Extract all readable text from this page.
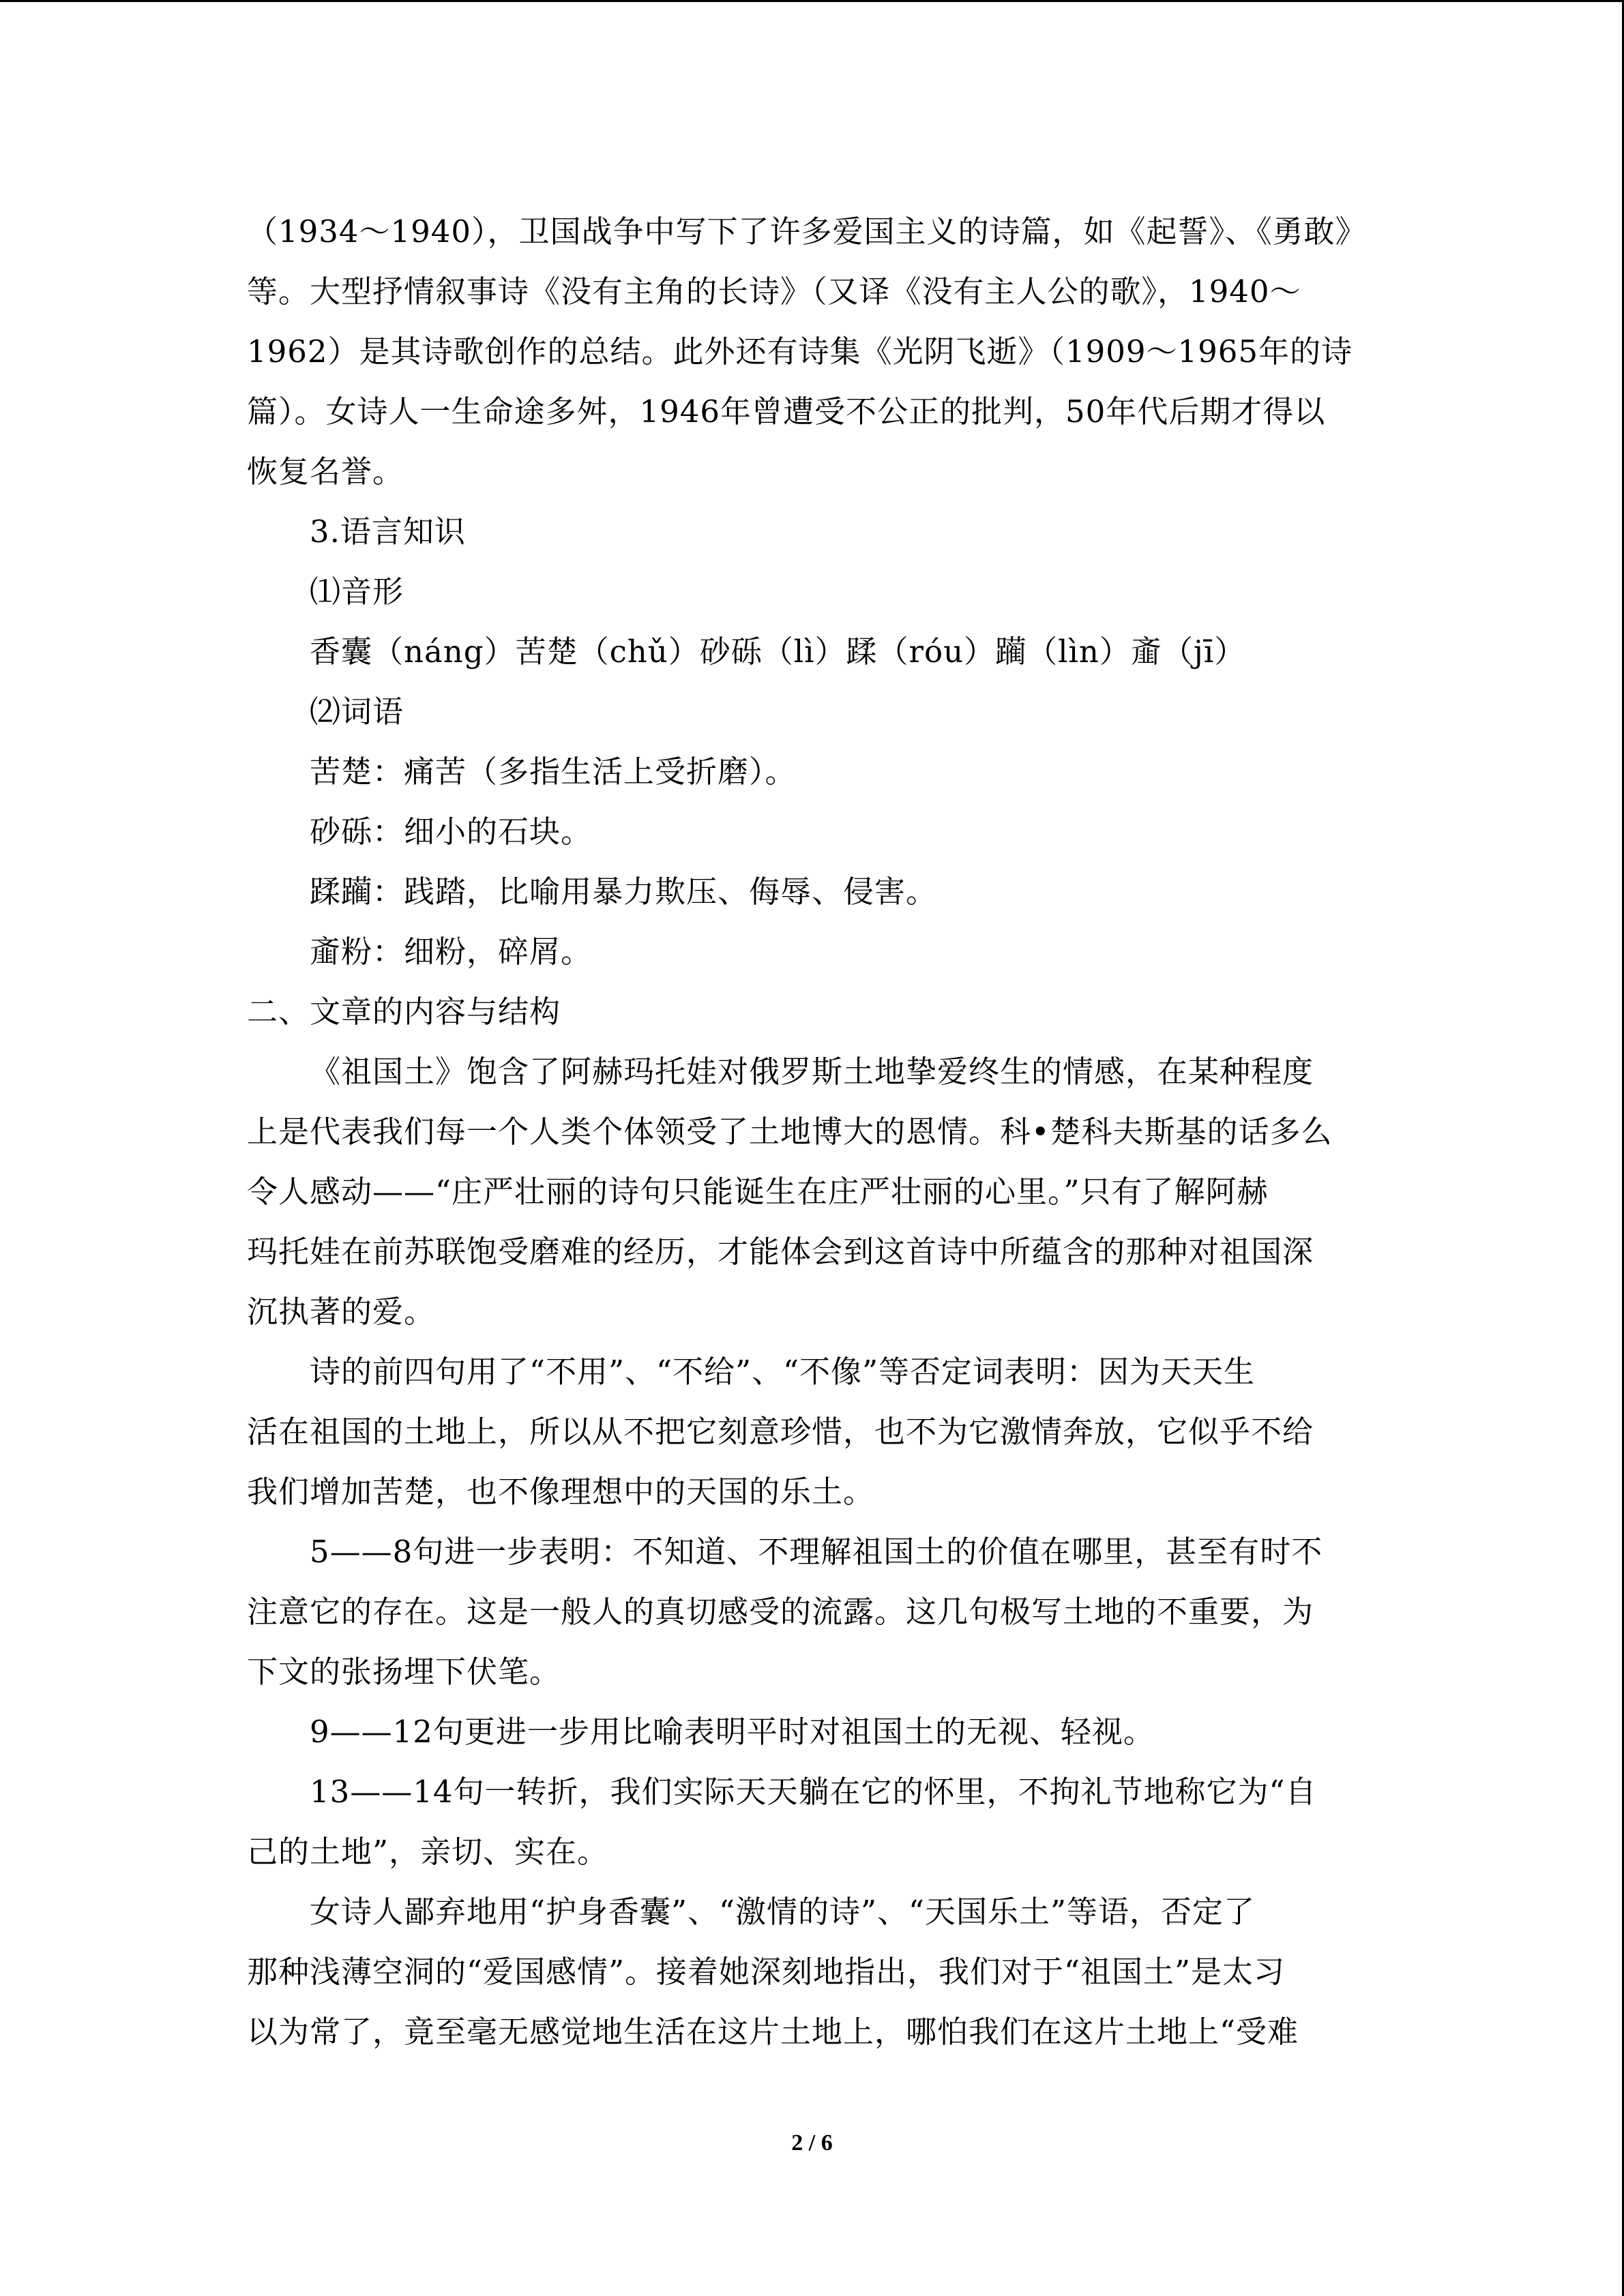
（1934～1940），卫国战争中写下了许多爱国主义的诗篇，如《起誓》、《勇敢》
等。大型抒情叙事诗《没有主角的长诗》（又译《没有主人公的歌》，1940～
1962）是其诗歌创作的总结。此外还有诗集《光阴飞逝》（1909～1965年的诗
篇）。女诗人一生命途多舛，1946年曾遭受不公正的批判，50年代后期才得以
恢复名誉。
3.语言知识
⑴音形
香囊（náng）苦楚（chǔ）砂砾（lì）蹂（róu）躏（lìn）齑（jī）
⑵词语
苦楚：痛苦（多指生活上受折磨）。
砂砾：细小的石块。
蹂躏：践踏，比喻用暴力欺压、侮辱、侵害。
齑粉：细粉，碎屑。
二、文章的内容与结构
《祖国土》饱含了阿赫玛托娃对俄罗斯土地挚爱终生的情感，在某种程度
上是代表我们每一个人类个体领受了土地博大的恩情。科•楚科夫斯基的话多么
令人感动——“庄严壮丽的诗句只能诞生在庄严壮丽的心里。”只有了解阿赫
玛托娃在前苏联饱受磨难的经历，才能体会到这首诗中所蕴含的那种对祖国深
沉执著的爱。
诗的前四句用了“不用”、“不给”、“不像”等否定词表明：因为天天生
活在祖国的土地上，所以从不把它刻意珍惜，也不为它激情奔放，它似乎不给
我们增加苦楚，也不像理想中的天国的乐土。
5——8句进一步表明：不知道、不理解祖国土的价值在哪里，甚至有时不
注意它的存在。这是一般人的真切感受的流露。这几句极写土地的不重要，为
下文的张扬埋下伏笔。
9——12句更进一步用比喻表明平时对祖国土的无视、轻视。
13——14句一转折，我们实际天天躺在它的怀里，不拘礼节地称它为“自
己的土地”，亲切、实在。
女诗人鄙弃地用“护身香囊”、“激情的诗”、“天国乐土”等语，否定了
那种浅薄空洞的“爱国感情”。接着她深刻地指出，我们对于“祖国土”是太习
以为常了，竟至毫无感觉地生活在这片土地上，哪怕我们在这片土地上“受难
2 / 6
